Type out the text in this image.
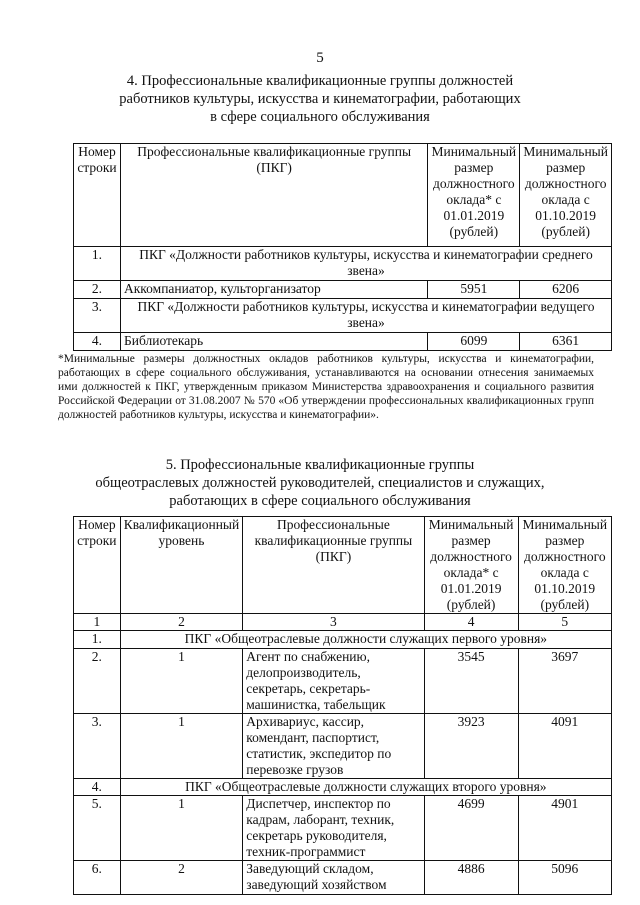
5
4. Профессиональные квалификационные группы должностей
работников культуры, искусства и кинематографии, работающих
в сфере социального обслуживания
Номер строки	Профессиональные квалификационные группы (ПКГ)	Минимальный размер должностного оклада* с 01.01.2019 (рублей)	Минимальный размер должностного оклада с 01.10.2019 (рублей)
1.	ПКГ «Должности работников культуры, искусства и кинематографии среднего звена»		
2.	Аккомпаниатор, культорганизатор	5951	6206
3.	ПКГ «Должности работников культуры, искусства и кинематографии ведущего звена»		
4.	Библиотекарь	6099	6361
*Минимальные размеры должностных окладов работников культуры, искусства и кинематографии, работающих в сфере социального обслуживания, устанавливаются на основании отнесения занимаемых ими должностей к ПКГ, утвержденным приказом Министерства здравоохранения и социального развития Российской Федерации от 31.08.2007 № 570 «Об утверждении профессиональных квалификационных групп должностей работников культуры, искусства и кинематографии».
5. Профессиональные квалификационные группы
общеотраслевых должностей руководителей, специалистов и служащих,
работающих в сфере социального обслуживания
Номер строки	Квалификационный уровень	Профессиональные квалификационные группы (ПКГ)	Минимальный размер должностного оклада* с 01.01.2019 (рублей)	Минимальный размер должностного оклада с 01.10.2019 (рублей)
1	2	3	4	5
1.	ПКГ «Общеотраслевые должности служащих первого уровня»			
2.	1	Агент по снабжению, делопроизводитель, секретарь, секретарь-машинистка, табельщик	3545	3697
3.	1	Архивариус, кассир, комендант, паспортист, статистик, экспедитор по перевозке грузов	3923	4091
4.	ПКГ «Общеотраслевые должности служащих второго уровня»			
5.	1	Диспетчер, инспектор по кадрам, лаборант, техник, секретарь руководителя, техник-программист	4699	4901
6.	2	Заведующий складом, заведующий хозяйством	4886	5096
